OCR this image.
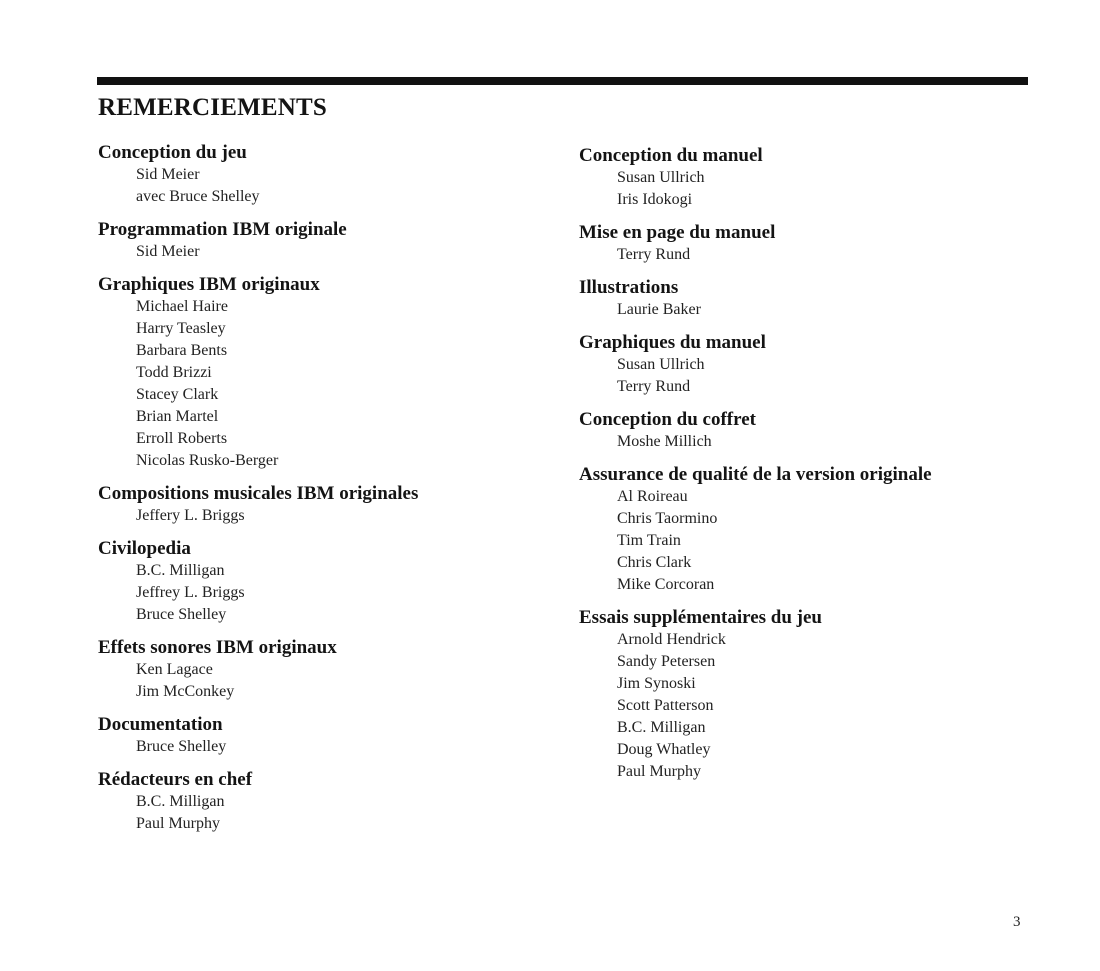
REMERCIEMENTS
Conception du jeu
Sid Meier
avec Bruce Shelley
Programmation IBM originale
Sid Meier
Graphiques IBM originaux
Michael Haire
Harry Teasley
Barbara Bents
Todd Brizzi
Stacey Clark
Brian Martel
Erroll Roberts
Nicolas Rusko-Berger
Compositions musicales IBM originales
Jeffery L. Briggs
Civilopedia
B.C. Milligan
Jeffrey L. Briggs
Bruce Shelley
Effets sonores IBM originaux
Ken Lagace
Jim McConkey
Documentation
Bruce Shelley
Rédacteurs en chef
B.C. Milligan
Paul Murphy
Conception du manuel
Susan Ullrich
Iris Idokogi
Mise en page du manuel
Terry Rund
Illustrations
Laurie Baker
Graphiques du manuel
Susan Ullrich
Terry Rund
Conception du coffret
Moshe Millich
Assurance de qualité de la version originale
Al Roireau
Chris Taormino
Tim Train
Chris Clark
Mike Corcoran
Essais supplémentaires du jeu
Arnold Hendrick
Sandy Petersen
Jim Synoski
Scott Patterson
B.C. Milligan
Doug Whatley
Paul Murphy
3
